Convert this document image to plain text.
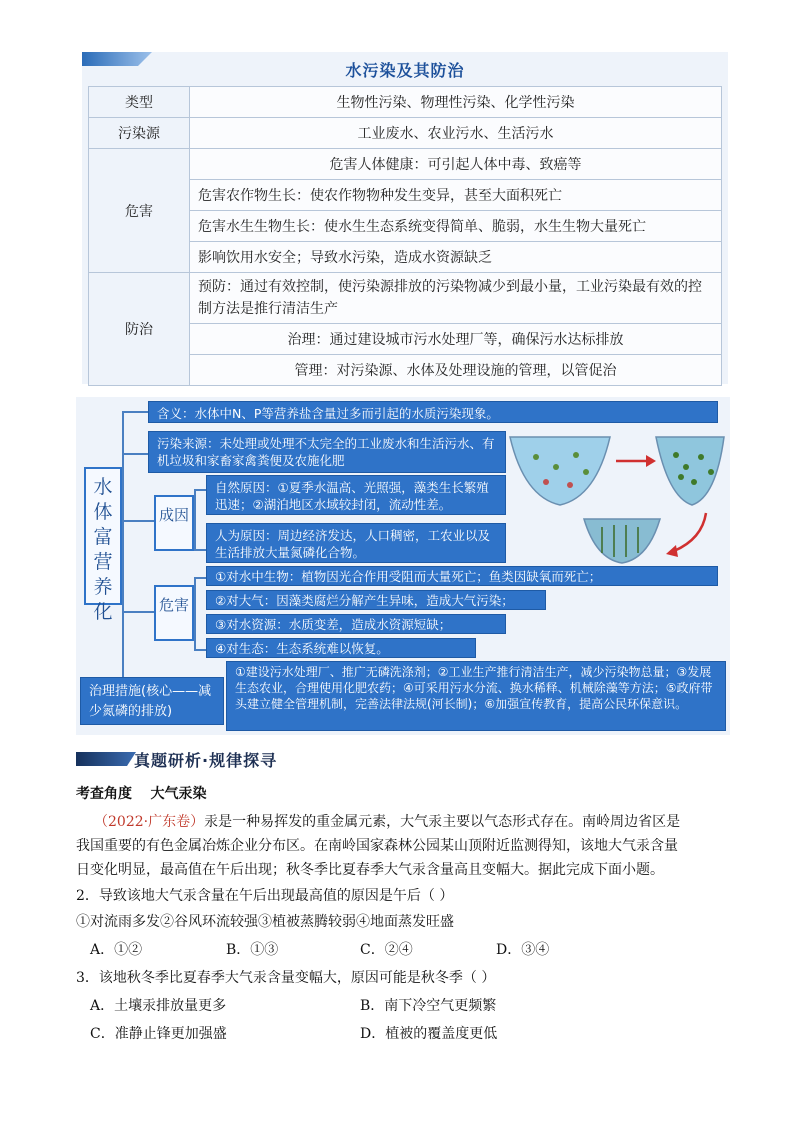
水污染及其防治
类型	生物性污染、物理性污染、化学性污染
污染源	工业废水、农业污水、生活污水
危害	危害人体健康：可引起人体中毒、致癌等
	危害农作物生长：使农作物物种发生变异，甚至大面积死亡
	危害水生生物生长：使水生生态系统变得简单、脆弱，水生生物大量死亡
	影响饮用水安全；导致水污染，造成水资源缺乏
防治	预防：通过有效控制，使污染源排放的污染物减少到最小量，工业污染最有效的控制方法是推行清洁生产
	治理：通过建设城市污水处理厂等，确保污水达标排放
	管理：对污染源、水体及处理设施的管理，以管促治
水体富营养化
含义：水体中N、P等营养盐含量过多而引起的水质污染现象。
污染来源：未处理或处理不太完全的工业废水和生活污水、有机垃圾和家畜家禽粪便及农施化肥
成因
自然原因：①夏季水温高、光照强，藻类生长繁殖迅速；②湖泊地区水域较封闭，流动性差。
人为原因：周边经济发达，人口稠密，工农业以及生活排放大量氮磷化合物。
危害
①对水中生物：植物因光合作用受阻而大量死亡；鱼类因缺氧而死亡；
②对大气：因藻类腐烂分解产生异味，造成大气污染；
③对水资源：水质变差，造成水资源短缺；
④对生态：生态系统难以恢复。
治理措施(核心——减少氮磷的排放)
①建设污水处理厂、推广无磷洗涤剂；②工业生产推行清洁生产，减少污染物总量；③发展生态农业，合理使用化肥农药；④可采用污水分流、换水稀释、机械除藻等方法；⑤政府带头建立健全管理机制，完善法律法规(河长制)；⑥加强宣传教育，提高公民环保意识。
真题研析·规律探寻
考查角度 大气汞染
（2022·广东卷）汞是一种易挥发的重金属元素，大气汞主要以气态形式存在。南岭周边省区是
我国重要的有色金属冶炼企业分布区。在南岭国家森林公园某山顶附近监测得知，该地大气汞含量
日变化明显，最高值在午后出现；秋冬季比夏春季大气汞含量高且变幅大。据此完成下面小题。
2．导致该地大气汞含量在午后出现最高值的原因是午后（ ）
①对流雨多发②谷风环流较强③植被蒸腾较弱④地面蒸发旺盛
A．①②	B．①③	C．②④	D．③④
3．该地秋冬季比夏春季大气汞含量变幅大，原因可能是秋冬季（ ）
A．土壤汞排放量更多	B．南下冷空气更频繁
C．准静止锋更加强盛	D．植被的覆盖度更低
